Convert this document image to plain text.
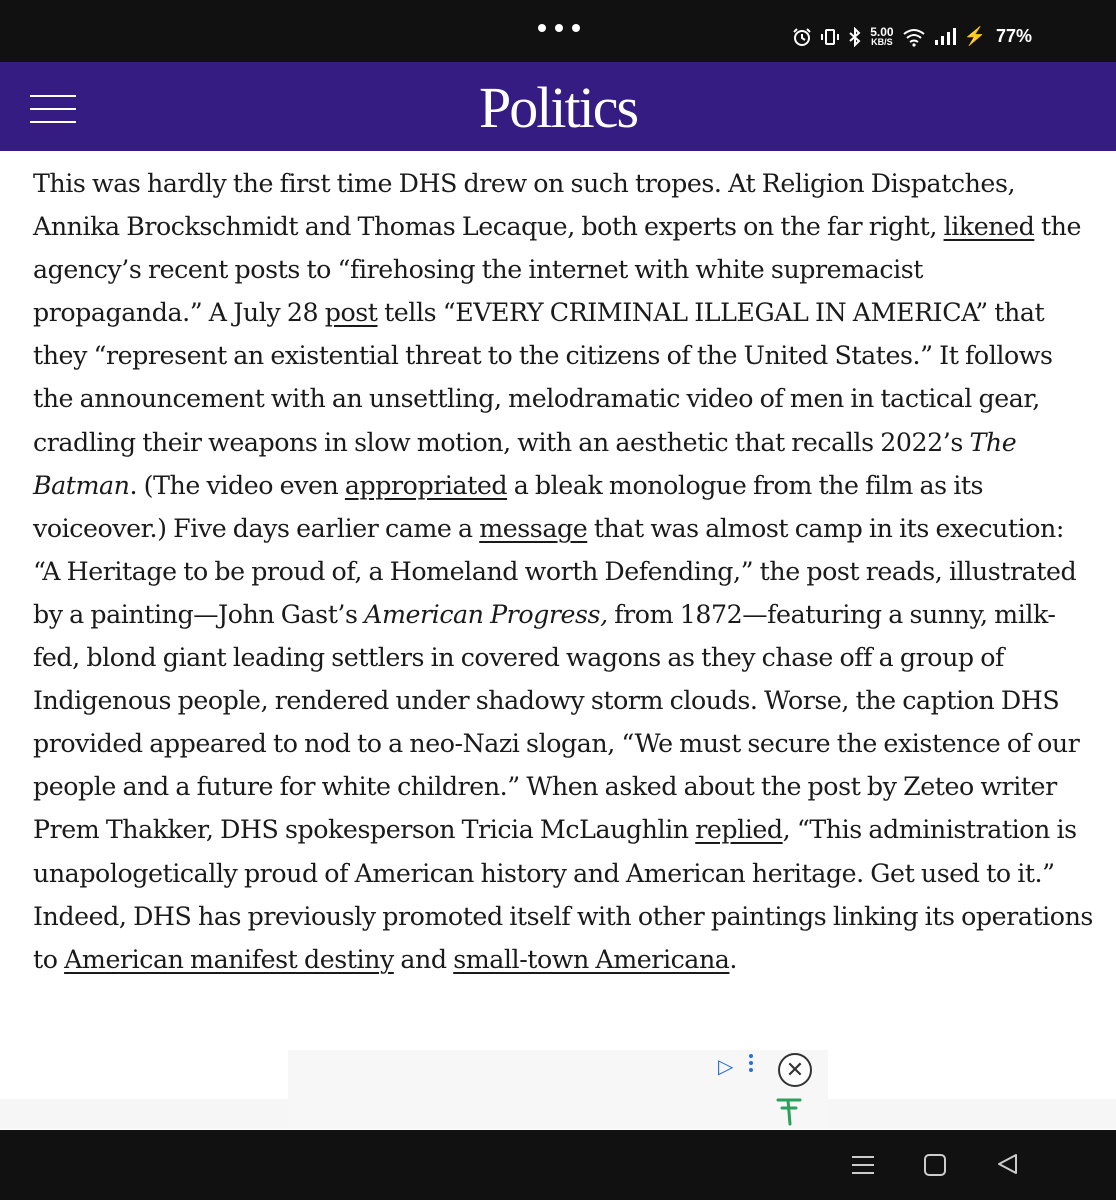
5.00
KB/S	⚡ 77%
Politics

This was hardly the first time DHS drew on such tropes. At Religion Dispatches, Annika Brockschmidt and Thomas Lecaque, both experts on the far right, likened the agency’s recent posts to “firehosing the internet with white supremacist propaganda.” A July 28 post tells “EVERY CRIMINAL ILLEGAL IN AMERICA” that they “represent an existential threat to the citizens of the United States.” It follows the announcement with an unsettling, melodramatic video of men in tactical gear, cradling their weapons in slow motion, with an aesthetic that recalls 2022’s The Batman. (The video even appropriated a bleak monologue from the film as its voiceover.) Five days earlier came a message that was almost camp in its execution: “A Heritage to be proud of, a Homeland worth Defending,” the post reads, illustrated by a painting—John Gast’s American Progress, from 1872—featuring a sunny, milk-fed, blond giant leading settlers in covered wagons as they chase off a group of Indigenous people, rendered under shadowy storm clouds. Worse, the caption DHS provided appeared to nod to a neo-Nazi slogan, “We must secure the existence of our people and a future for white children.” When asked about the post by Zeteo writer Prem Thakker, DHS spokesperson Tricia McLaughlin replied, “This administration is unapologetically proud of American history and American heritage. Get used to it.” Indeed, DHS has previously promoted itself with other paintings linking its operations to American manifest destiny and small-town Americana.

▷ ✕
